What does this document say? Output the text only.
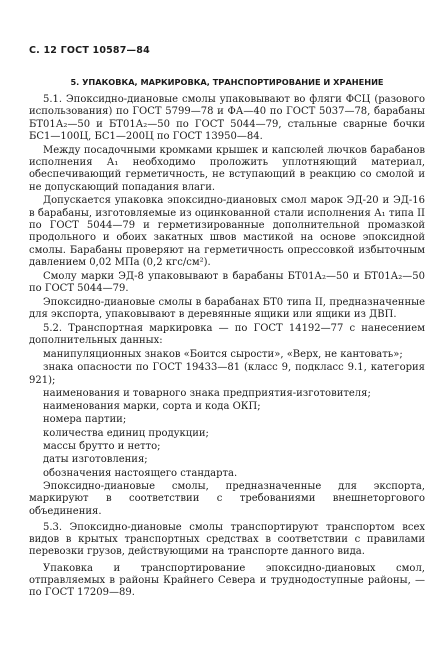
С. 12 ГОСТ 10587—84
5. УПАКОВКА, МАРКИРОВКА, ТРАНСПОРТИРОВАНИЕ И ХРАНЕНИЕ

5.1. Эпоксидно-диановые смолы упаковывают во фляги ФСЦ (разового использования) по ГОСТ 5799—78 и ФА—40 по ГОСТ 5037—78, барабаны БТ01А₂—50 и БТ01А₂—50 по ГОСТ 5044—79, стальные сварные бочки БС1—100Ц, БС1—200Ц по ГОСТ 13950—84.

Между посадочными кромками крышек и капсюлей лючков барабанов исполнения А₁ необходимо проложить уплотняющий материал, обеспечивающий герметичность, не вступающий в реакцию со смолой и не допускающий попадания влаги.

Допускается упаковка эпоксидно-диановых смол марок ЭД-20 и ЭД-16 в барабаны, изготовляемые из оцинкованной стали исполнения А₁ типа II по ГОСТ 5044—79 и герметизированные дополнительной промазкой продольного и обоих закатных швов мастикой на основе эпоксидной смолы. Барабаны проверяют на герметичность опрессовкой избыточным давлением 0,02 МПа (0,2 кгс/см²).

Смолу марки ЭД-8 упаковывают в барабаны БТ01А₂—50 и БТ01А₂—50 по ГОСТ 5044—79.

Эпоксидно-диановые смолы в барабанах БТ0 типа II, предназначенные для экспорта, упаковывают в деревянные ящики или ящики из ДВП.

5.2. Транспортная маркировка — по ГОСТ 14192—77 с нанесением дополнительных данных:

манипуляционных знаков «Боится сырости», «Верх, не кантовать»;

знака опасности по ГОСТ 19433—81 (класс 9, подкласс 9.1, категория 921);

наименования и товарного знака предприятия-изготовителя;

наименования марки, сорта и кода ОКП;

номера партии;

количества единиц продукции;

массы брутто и нетто;

даты изготовления;

обозначения настоящего стандарта.

Эпоксидно-диановые смолы, предназначенные для экспорта, маркируют в соответствии с требованиями внешнеторгового объединения.

5.3. Эпоксидно-диановые смолы транспортируют транспортом всех видов в крытых транспортных средствах в соответствии с правилами перевозки грузов, действующими на транспорте данного вида.

Упаковка и транспортирование эпоксидно-диановых смол, отправляемых в районы Крайнего Севера и труднодоступные районы, — по ГОСТ 17209—89.
